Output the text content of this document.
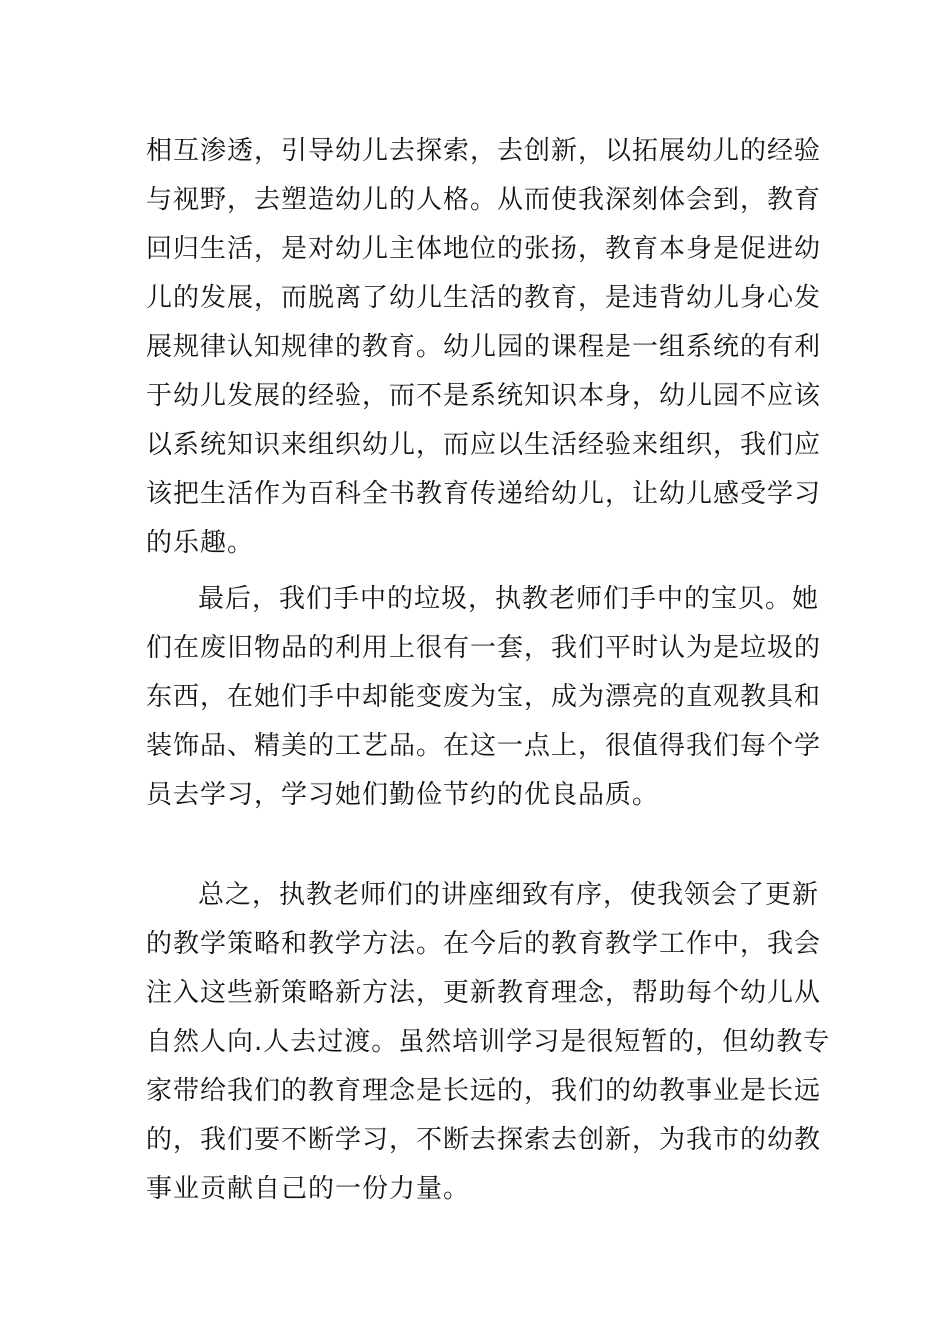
相互渗透，引导幼儿去探索，去创新，以拓展幼儿的经验
与视野，去塑造幼儿的人格。从而使我深刻体会到，教育
回归生活，是对幼儿主体地位的张扬，教育本身是促进幼
儿的发展，而脱离了幼儿生活的教育，是违背幼儿身心发
展规律认知规律的教育。幼儿园的课程是一组系统的有利
于幼儿发展的经验，而不是系统知识本身，幼儿园不应该
以系统知识来组织幼儿，而应以生活经验来组织，我们应
该把生活作为百科全书教育传递给幼儿，让幼儿感受学习
的乐趣。
最后，我们手中的垃圾，执教老师们手中的宝贝。她
们在废旧物品的利用上很有一套，我们平时认为是垃圾的
东西，在她们手中却能变废为宝，成为漂亮的直观教具和
装饰品、精美的工艺品。在这一点上，很值得我们每个学
员去学习，学习她们勤俭节约的优良品质。
总之，执教老师们的讲座细致有序，使我领会了更新
的教学策略和教学方法。在今后的教育教学工作中，我会
注入这些新策略新方法，更新教育理念，帮助每个幼儿从
自然人向.人去过渡。虽然培训学习是很短暂的，但幼教专
家带给我们的教育理念是长远的，我们的幼教事业是长远
的，我们要不断学习，不断去探索去创新，为我市的幼教
事业贡献自己的一份力量。
